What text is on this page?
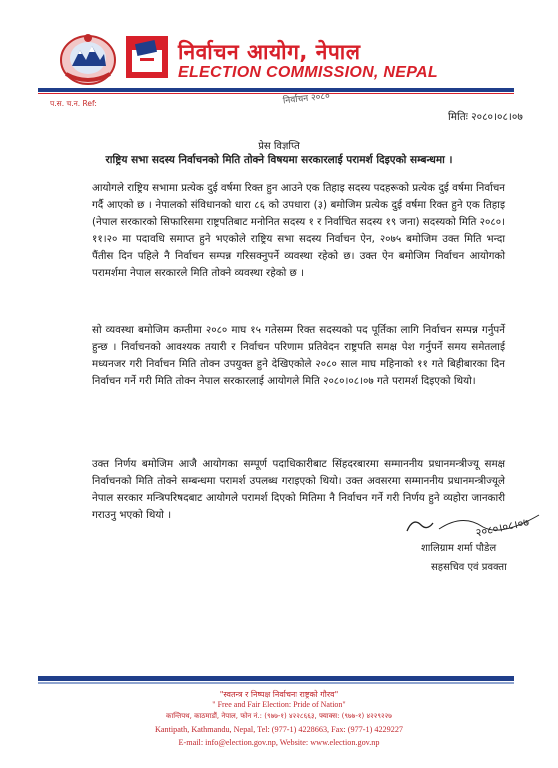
निर्वाचन आयोग, नेपाल
ELECTION COMMISSION, NEPAL
प.स. च.न. Ref:	निर्वाचन २०८०
मितिः २०८०।०८।०७
प्रेस विज्ञप्ति
राष्ट्रिय सभा सदस्य निर्वाचनको मिति तोक्ने विषयमा सरकारलाई परामर्श दिइएको सम्बन्धमा ।
आयोगले राष्ट्रिय सभामा प्रत्येक दुई वर्षमा रिक्त हुन आउने एक तिहाइ सदस्य पदहरूको प्रत्येक दुई वर्षमा निर्वाचन गर्दै आएको छ । नेपालको संविधानको धारा ८६ को उपधारा (३) बमोजिम प्रत्येक दुई वर्षमा रिक्त हुने एक तिहाइ (नेपाल सरकारको सिफारिसमा राष्ट्रपतिबाट मनोनित सदस्य १ र निर्वाचित सदस्य १९ जना) सदस्यको मिति २०८०।११।२० मा पदावधि समाप्त हुने भएकोले राष्ट्रिय सभा सदस्य निर्वाचन ऐन, २०७५ बमोजिम उक्त मिति भन्दा पैंतीस दिन पहिले नै निर्वाचन सम्पन्न गरिसक्नुपर्ने व्यवस्था रहेको छ। उक्त ऐन बमोजिम निर्वाचन आयोगको परामर्शमा नेपाल सरकारले मिति तोक्ने व्यवस्था रहेको छ ।
सो व्यवस्था बमोजिम कम्तीमा २०८० माघ १५ गतेसम्म रिक्त सदस्यको पद पूर्तिका लागि निर्वाचन सम्पन्न गर्नुपर्ने हुन्छ । निर्वाचनको आवश्यक तयारी र निर्वाचन परिणाम प्रतिवेदन राष्ट्रपति समक्ष पेश गर्नुपर्ने समय समेतलाई मध्यनजर गरी निर्वाचन मिति तोक्न उपयुक्त हुने देखिएकोले २०८० साल माघ महिनाको ११ गते बिहीबारका दिन निर्वाचन गर्ने गरी मिति तोक्न नेपाल सरकारलाई आयोगले मिति २०८०।०८।०७ गते परामर्श दिइएको थियो।
उक्त निर्णय बमोजिम आजै आयोगका सम्पूर्ण पदाधिकारीबाट सिंहदरबारमा सम्माननीय प्रधानमन्त्रीज्यू समक्ष निर्वाचनको मिति तोक्ने सम्बन्धमा परामर्श उपलब्ध गराइएको थियो। उक्त अवसरमा सम्माननीय प्रधानमन्त्रीज्यूले नेपाल सरकार मन्त्रिपरिषदबाट आयोगले परामर्श दिएको मितिमा नै निर्वाचन गर्ने गरी निर्णय हुने व्यहोरा जानकारी गराउनु भएको थियो ।
२०८०।०८।०७
शालिग्राम शर्मा पौडेल
सहसचिव एवं प्रवक्ता
"स्वतन्त्र र निष्पक्ष निर्वाचनः राष्ट्रको गौरव"
" Free and Fair Election: Pride of Nation"
कान्तिपथ, काठमाडौं, नेपाल, फोन नं.: (९७७-१) ४२२८६६३, फ्याक्स: (९७७-१) ४२२९२२७
Kantipath, Kathmandu, Nepal, Tel: (977-1) 4228663, Fax: (977-1) 4229227
E-mail: info@election.gov.np, Website: www.election.gov.np
